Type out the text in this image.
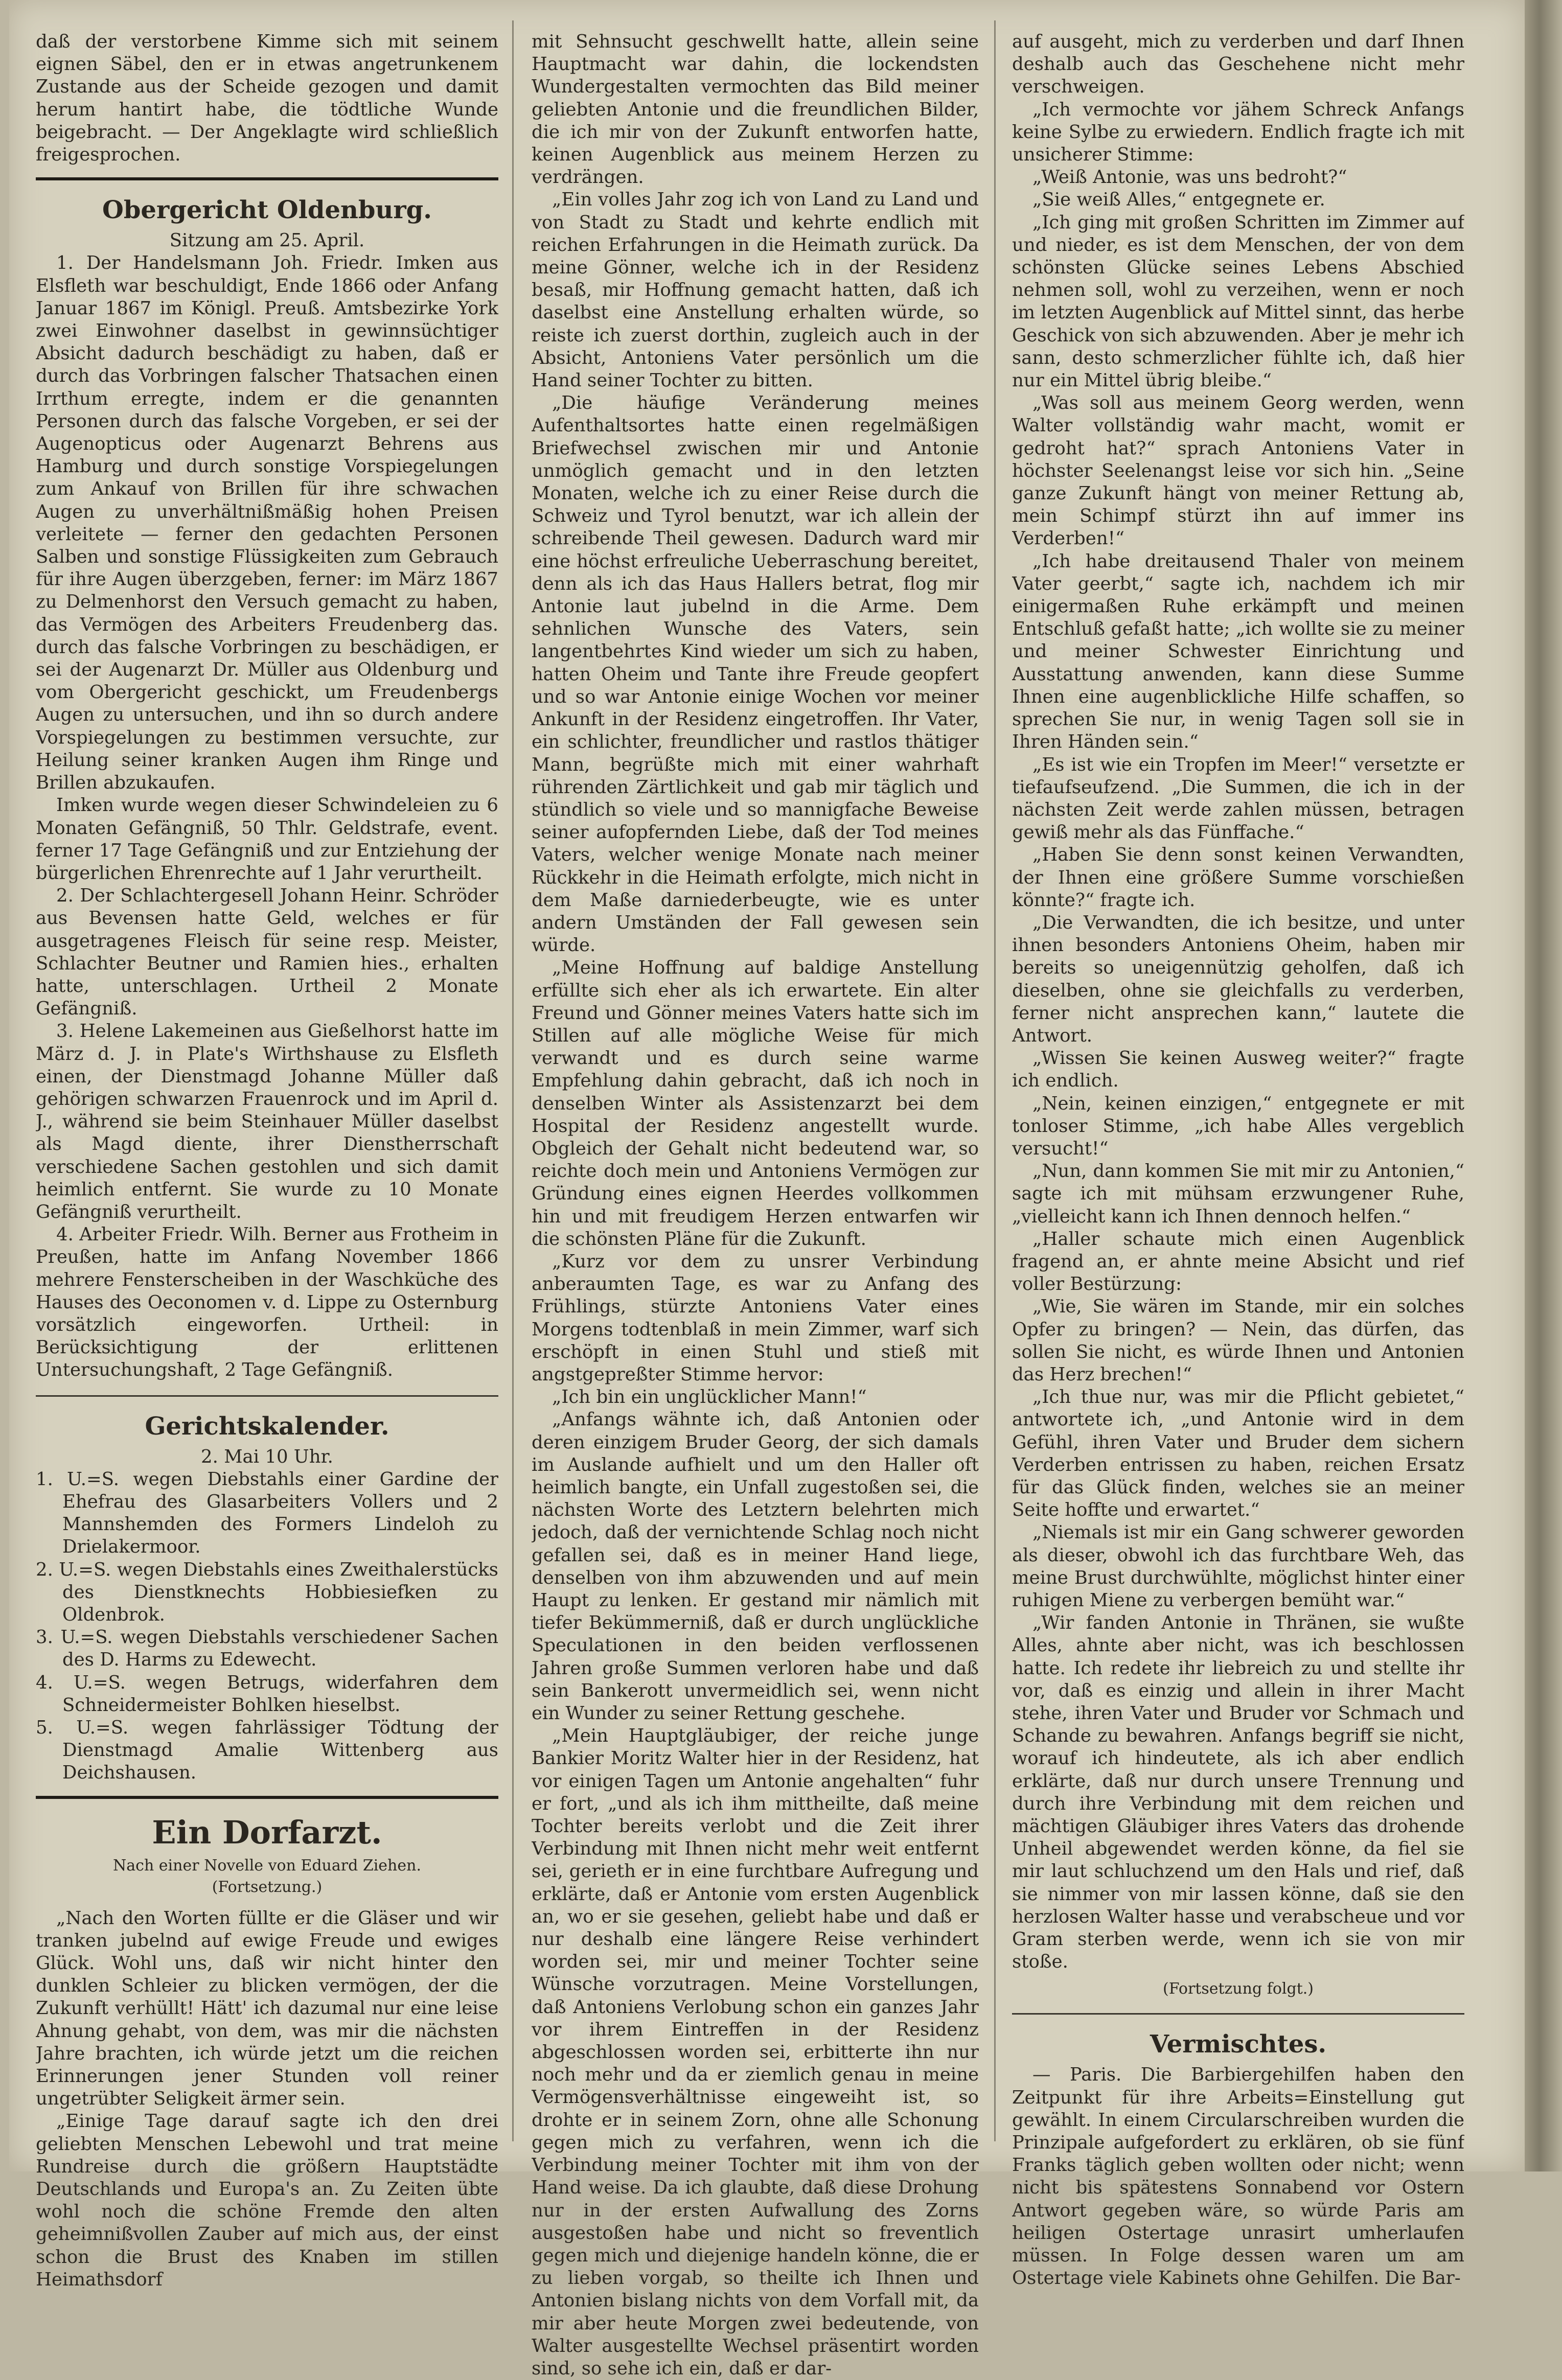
daß der verstorbene Kimme sich mit seinem eignen Säbel, den er in etwas angetrunkenem Zustande aus der Scheide gezogen und damit herum hantirt habe, die tödtliche Wunde beigebracht. — Der Angeklagte wird schließlich freigesprochen.

Obergericht Oldenburg.

Sitzung am 25. April.

1. Der Handelsmann Joh. Friedr. Imken aus Elsfleth war beschuldigt, Ende 1866 oder Anfang Januar 1867 im Königl. Preuß. Amtsbezirke York zwei Einwohner daselbst in gewinnsüchtiger Absicht dadurch beschädigt zu haben, daß er durch das Vorbringen falscher Thatsachen einen Irrthum erregte, indem er die genannten Personen durch das falsche Vorgeben, er sei der Augenopticus oder Augenarzt Behrens aus Hamburg und durch sonstige Vorspiegelungen zum Ankauf von Brillen für ihre schwachen Augen zu unverhältnißmäßig hohen Preisen verleitete — ferner den gedachten Personen Salben und sonstige Flüssigkeiten zum Gebrauch für ihre Augen überzgeben, ferner: im März 1867 zu Delmenhorst den Versuch gemacht zu haben, das Vermögen des Arbeiters Freudenberg das. durch das falsche Vorbringen zu beschädigen, er sei der Augenarzt Dr. Müller aus Oldenburg und vom Obergericht geschickt, um Freudenbergs Augen zu untersuchen, und ihn so durch andere Vorspiegelungen zu bestimmen versuchte, zur Heilung seiner kranken Augen ihm Ringe und Brillen abzukaufen.

Imken wurde wegen dieser Schwindeleien zu 6 Monaten Gefängniß, 50 Thlr. Geldstrafe, event. ferner 17 Tage Gefängniß und zur Entziehung der bürgerlichen Ehrenrechte auf 1 Jahr verurtheilt.

2. Der Schlachtergesell Johann Heinr. Schröder aus Bevensen hatte Geld, welches er für ausgetragenes Fleisch für seine resp. Meister, Schlachter Beutner und Ramien hies., erhalten hatte, unterschlagen. Urtheil 2 Monate Gefängniß.

3. Helene Lakemeinen aus Gießelhorst hatte im März d. J. in Plate's Wirthshause zu Elsfleth einen, der Dienstmagd Johanne Müller daß gehörigen schwarzen Frauenrock und im April d. J., während sie beim Steinhauer Müller daselbst als Magd diente, ihrer Dienstherrschaft verschiedene Sachen gestohlen und sich damit heimlich entfernt. Sie wurde zu 10 Monate Gefängniß verurtheilt.

4. Arbeiter Friedr. Wilh. Berner aus Frotheim in Preußen, hatte im Anfang November 1866 mehrere Fensterscheiben in der Waschküche des Hauses des Oeconomen v. d. Lippe zu Osternburg vorsätzlich eingeworfen. Urtheil: in Berücksichtigung der erlittenen Untersuchungshaft, 2 Tage Gefängniß.

Gerichtskalender.

2. Mai 10 Uhr.

1. U.=S. wegen Diebstahls einer Gardine der Ehefrau des Glasarbeiters Vollers und 2 Mannshemden des Formers Lindeloh zu Drielakermoor.

2. U.=S. wegen Diebstahls eines Zweithalerstücks des Dienstknechts Hobbiesiefken zu Oldenbrok.

3. U.=S. wegen Diebstahls verschiedener Sachen des D. Harms zu Edewecht.

4. U.=S. wegen Betrugs, widerfahren dem Schneidermeister Bohlken hieselbst.

5. U.=S. wegen fahrlässiger Tödtung der Dienstmagd Amalie Wittenberg aus Deichshausen.

Ein Dorfarzt.

Nach einer Novelle von Eduard Ziehen.

(Fortsetzung.)

„Nach den Worten füllte er die Gläser und wir tranken jubelnd auf ewige Freude und ewiges Glück. Wohl uns, daß wir nicht hinter den dunklen Schleier zu blicken vermögen, der die Zukunft verhüllt! Hätt' ich dazumal nur eine leise Ahnung gehabt, von dem, was mir die nächsten Jahre brachten, ich würde jetzt um die reichen Erinnerungen jener Stunden voll reiner ungetrübter Seligkeit ärmer sein.

„Einige Tage darauf sagte ich den drei geliebten Menschen Lebewohl und trat meine Rundreise durch die größern Hauptstädte Deutschlands und Europa's an. Zu Zeiten übte wohl noch die schöne Fremde den alten geheimnißvollen Zauber auf mich aus, der einst schon die Brust des Knaben im stillen Heimathsdorf

mit Sehnsucht geschwellt hatte, allein seine Hauptmacht war dahin, die lockendsten Wundergestalten vermochten das Bild meiner geliebten Antonie und die freundlichen Bilder, die ich mir von der Zukunft entworfen hatte, keinen Augenblick aus meinem Herzen zu verdrängen.

„Ein volles Jahr zog ich von Land zu Land und von Stadt zu Stadt und kehrte endlich mit reichen Erfahrungen in die Heimath zurück. Da meine Gönner, welche ich in der Residenz besaß, mir Hoffnung gemacht hatten, daß ich daselbst eine Anstellung erhalten würde, so reiste ich zuerst dorthin, zugleich auch in der Absicht, Antoniens Vater persönlich um die Hand seiner Tochter zu bitten.

„Die häufige Veränderung meines Aufenthaltsortes hatte einen regelmäßigen Briefwechsel zwischen mir und Antonie unmöglich gemacht und in den letzten Monaten, welche ich zu einer Reise durch die Schweiz und Tyrol benutzt, war ich allein der schreibende Theil gewesen. Dadurch ward mir eine höchst erfreuliche Ueberraschung bereitet, denn als ich das Haus Hallers betrat, flog mir Antonie laut jubelnd in die Arme. Dem sehnlichen Wunsche des Vaters, sein langentbehrtes Kind wieder um sich zu haben, hatten Oheim und Tante ihre Freude geopfert und so war Antonie einige Wochen vor meiner Ankunft in der Residenz eingetroffen. Ihr Vater, ein schlichter, freundlicher und rastlos thätiger Mann, begrüßte mich mit einer wahrhaft rührenden Zärtlichkeit und gab mir täglich und stündlich so viele und so mannigfache Beweise seiner aufopfernden Liebe, daß der Tod meines Vaters, welcher wenige Monate nach meiner Rückkehr in die Heimath erfolgte, mich nicht in dem Maße darniederbeugte, wie es unter andern Umständen der Fall gewesen sein würde.

„Meine Hoffnung auf baldige Anstellung erfüllte sich eher als ich erwartete. Ein alter Freund und Gönner meines Vaters hatte sich im Stillen auf alle mögliche Weise für mich verwandt und es durch seine warme Empfehlung dahin gebracht, daß ich noch in denselben Winter als Assistenzarzt bei dem Hospital der Residenz angestellt wurde. Obgleich der Gehalt nicht bedeutend war, so reichte doch mein und Antoniens Vermögen zur Gründung eines eignen Heerdes vollkommen hin und mit freudigem Herzen entwarfen wir die schönsten Pläne für die Zukunft.

„Kurz vor dem zu unsrer Verbindung anberaumten Tage, es war zu Anfang des Frühlings, stürzte Antoniens Vater eines Morgens todtenblaß in mein Zimmer, warf sich erschöpft in einen Stuhl und stieß mit angstgepreßter Stimme hervor:

„Ich bin ein unglücklicher Mann!“

„Anfangs wähnte ich, daß Antonien oder deren einzigem Bruder Georg, der sich damals im Auslande aufhielt und um den Haller oft heimlich bangte, ein Unfall zugestoßen sei, die nächsten Worte des Letztern belehrten mich jedoch, daß der vernichtende Schlag noch nicht gefallen sei, daß es in meiner Hand liege, denselben von ihm abzuwenden und auf mein Haupt zu lenken. Er gestand mir nämlich mit tiefer Bekümmerniß, daß er durch unglückliche Speculationen in den beiden verflossenen Jahren große Summen verloren habe und daß sein Bankerott unvermeidlich sei, wenn nicht ein Wunder zu seiner Rettung geschehe.

„Mein Hauptgläubiger, der reiche junge Bankier Moritz Walter hier in der Residenz, hat vor einigen Tagen um Antonie angehalten“ fuhr er fort, „und als ich ihm mittheilte, daß meine Tochter bereits verlobt und die Zeit ihrer Verbindung mit Ihnen nicht mehr weit entfernt sei, gerieth er in eine furchtbare Aufregung und erklärte, daß er Antonie vom ersten Augenblick an, wo er sie gesehen, geliebt habe und daß er nur deshalb eine längere Reise verhindert worden sei, mir und meiner Tochter seine Wünsche vorzutragen. Meine Vorstellungen, daß Antoniens Verlobung schon ein ganzes Jahr vor ihrem Eintreffen in der Residenz abgeschlossen worden sei, erbitterte ihn nur noch mehr und da er ziemlich genau in meine Vermögensverhältnisse eingeweiht ist, so drohte er in seinem Zorn, ohne alle Schonung gegen mich zu verfahren, wenn ich die Verbindung meiner Tochter mit ihm von der Hand weise. Da ich glaubte, daß diese Drohung nur in der ersten Aufwallung des Zorns ausgestoßen habe und nicht so freventlich gegen mich und diejenige handeln könne, die er zu lieben vorgab, so theilte ich Ihnen und Antonien bislang nichts von dem Vorfall mit, da mir aber heute Morgen zwei bedeutende, von Walter ausgestellte Wechsel präsentirt worden sind, so sehe ich ein, daß er dar-

auf ausgeht, mich zu verderben und darf Ihnen deshalb auch das Geschehene nicht mehr verschweigen.

„Ich vermochte vor jähem Schreck Anfangs keine Sylbe zu erwiedern. Endlich fragte ich mit unsicherer Stimme:

„Weiß Antonie, was uns bedroht?“

„Sie weiß Alles,“ entgegnete er.

„Ich ging mit großen Schritten im Zimmer auf und nieder, es ist dem Menschen, der von dem schönsten Glücke seines Lebens Abschied nehmen soll, wohl zu verzeihen, wenn er noch im letzten Augenblick auf Mittel sinnt, das herbe Geschick von sich abzuwenden. Aber je mehr ich sann, desto schmerzlicher fühlte ich, daß hier nur ein Mittel übrig bleibe.“

„Was soll aus meinem Georg werden, wenn Walter vollständig wahr macht, womit er gedroht hat?“ sprach Antoniens Vater in höchster Seelenangst leise vor sich hin. „Seine ganze Zukunft hängt von meiner Rettung ab, mein Schimpf stürzt ihn auf immer ins Verderben!“

„Ich habe dreitausend Thaler von meinem Vater geerbt,“ sagte ich, nachdem ich mir einigermaßen Ruhe erkämpft und meinen Entschluß gefaßt hatte; „ich wollte sie zu meiner und meiner Schwester Einrichtung und Ausstattung anwenden, kann diese Summe Ihnen eine augenblickliche Hilfe schaffen, so sprechen Sie nur, in wenig Tagen soll sie in Ihren Händen sein.“

„Es ist wie ein Tropfen im Meer!“ versetzte er tiefaufseufzend. „Die Summen, die ich in der nächsten Zeit werde zahlen müssen, betragen gewiß mehr als das Fünffache.“

„Haben Sie denn sonst keinen Verwandten, der Ihnen eine größere Summe vorschießen könnte?“ fragte ich.

„Die Verwandten, die ich besitze, und unter ihnen besonders Antoniens Oheim, haben mir bereits so uneigennützig geholfen, daß ich dieselben, ohne sie gleichfalls zu verderben, ferner nicht ansprechen kann,“ lautete die Antwort.

„Wissen Sie keinen Ausweg weiter?“ fragte ich endlich.

„Nein, keinen einzigen,“ entgegnete er mit tonloser Stimme, „ich habe Alles vergeblich versucht!“

„Nun, dann kommen Sie mit mir zu Antonien,“ sagte ich mit mühsam erzwungener Ruhe, „vielleicht kann ich Ihnen dennoch helfen.“

„Haller schaute mich einen Augenblick fragend an, er ahnte meine Absicht und rief voller Bestürzung:

„Wie, Sie wären im Stande, mir ein solches Opfer zu bringen? — Nein, das dürfen, das sollen Sie nicht, es würde Ihnen und Antonien das Herz brechen!“

„Ich thue nur, was mir die Pflicht gebietet,“ antwortete ich, „und Antonie wird in dem Gefühl, ihren Vater und Bruder dem sichern Verderben entrissen zu haben, reichen Ersatz für das Glück finden, welches sie an meiner Seite hoffte und erwartet.“

„Niemals ist mir ein Gang schwerer geworden als dieser, obwohl ich das furchtbare Weh, das meine Brust durchwühlte, möglichst hinter einer ruhigen Miene zu verbergen bemüht war.“

„Wir fanden Antonie in Thränen, sie wußte Alles, ahnte aber nicht, was ich beschlossen hatte. Ich redete ihr liebreich zu und stellte ihr vor, daß es einzig und allein in ihrer Macht stehe, ihren Vater und Bruder vor Schmach und Schande zu bewahren. Anfangs begriff sie nicht, worauf ich hindeutete, als ich aber endlich erklärte, daß nur durch unsere Trennung und durch ihre Verbindung mit dem reichen und mächtigen Gläubiger ihres Vaters das drohende Unheil abgewendet werden könne, da fiel sie mir laut schluchzend um den Hals und rief, daß sie nimmer von mir lassen könne, daß sie den herzlosen Walter hasse und verabscheue und vor Gram sterben werde, wenn ich sie von mir stoße.

(Fortsetzung folgt.)

Vermischtes.

— Paris. Die Barbiergehilfen haben den Zeitpunkt für ihre Arbeits=Einstellung gut gewählt. In einem Circularschreiben wurden die Prinzipale aufgefordert zu erklären, ob sie fünf Franks täglich geben wollten oder nicht; wenn nicht bis spätestens Sonnabend vor Ostern Antwort gegeben wäre, so würde Paris am heiligen Ostertage unrasirt umherlaufen müssen. In Folge dessen waren um am Ostertage viele Kabinets ohne Gehilfen. Die Bar-
